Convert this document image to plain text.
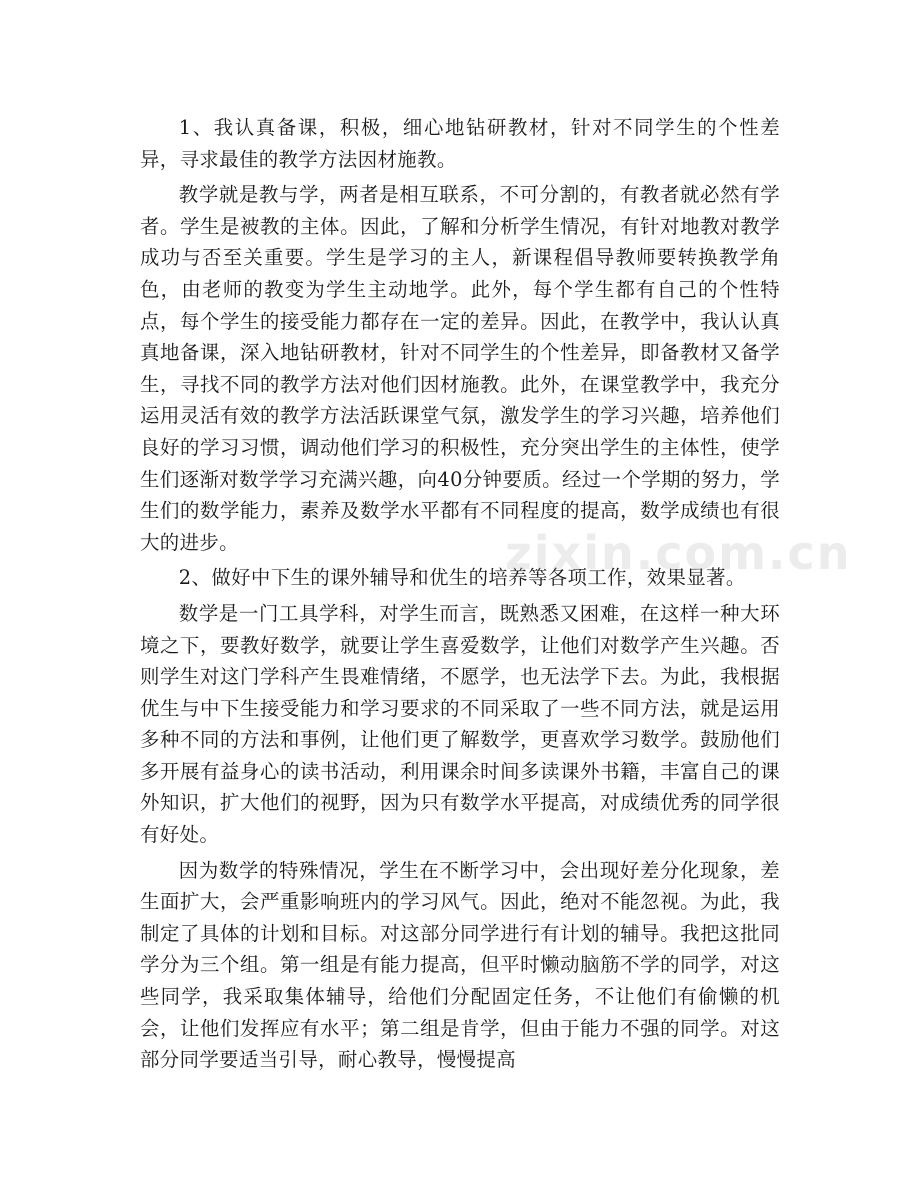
1、我认真备课，积极，细心地钻研教材，针对不同学生的个性差异，寻求最佳的教学方法因材施教。

教学就是教与学，两者是相互联系，不可分割的，有教者就必然有学者。学生是被教的主体。因此，了解和分析学生情况，有针对地教对教学成功与否至关重要。学生是学习的主人，新课程倡导教师要转换教学角色，由老师的教变为学生主动地学。此外，每个学生都有自己的个性特点，每个学生的接受能力都存在一定的差异。因此，在教学中，我认认真真地备课，深入地钻研教材，针对不同学生的个性差异，即备教材又备学生，寻找不同的教学方法对他们因材施教。此外，在课堂教学中，我充分运用灵活有效的教学方法活跃课堂气氛，激发学生的学习兴趣，培养他们良好的学习习惯，调动他们学习的积极性，充分突出学生的主体性，使学生们逐渐对数学学习充满兴趣，向40分钟要质。经过一个学期的努力，学生们的数学能力，素养及数学水平都有不同程度的提高，数学成绩也有很大的进步。

2、做好中下生的课外辅导和优生的培养等各项工作，效果显著。

数学是一门工具学科，对学生而言，既熟悉又困难，在这样一种大环境之下，要教好数学，就要让学生喜爱数学，让他们对数学产生兴趣。否则学生对这门学科产生畏难情绪，不愿学，也无法学下去。为此，我根据优生与中下生接受能力和学习要求的不同采取了一些不同方法，就是运用多种不同的方法和事例，让他们更了解数学，更喜欢学习数学。鼓励他们多开展有益身心的读书活动，利用课余时间多读课外书籍，丰富自己的课外知识，扩大他们的视野，因为只有数学水平提高，对成绩优秀的同学很有好处。

因为数学的特殊情况，学生在不断学习中，会出现好差分化现象，差生面扩大，会严重影响班内的学习风气。因此，绝对不能忽视。为此，我制定了具体的计划和目标。对这部分同学进行有计划的辅导。我把这批同学分为三个组。第一组是有能力提高，但平时懒动脑筋不学的同学，对这些同学，我采取集体辅导，给他们分配固定任务，不让他们有偷懒的机会，让他们发挥应有水平；第二组是肯学，但由于能力不强的同学。对这部分同学要适当引导，耐心教导，慢慢提高

zixin.com.cn
